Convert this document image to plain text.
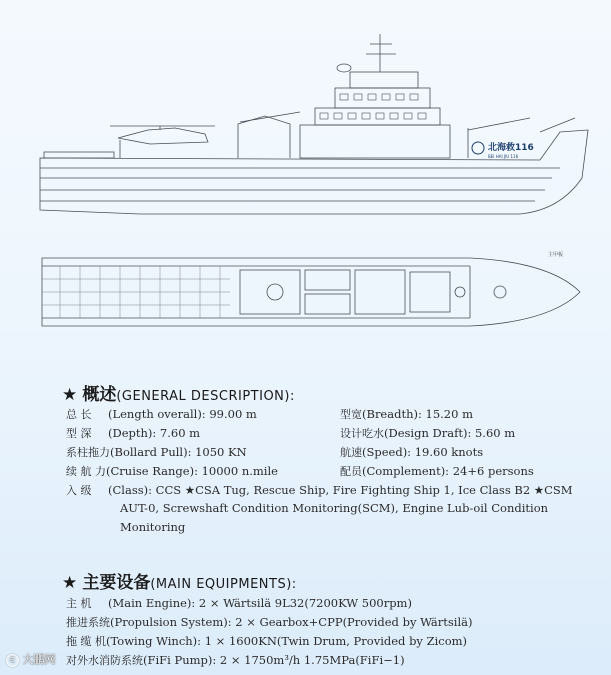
北海救116
BEI HAI JIU 116
主甲板
★ 概述(GENERAL DESCRIPTION):
总 长 (Length overall): 99.00 m
型 深 (Depth): 7.60 m
系柱拖力(Bollard Pull): 1050 KN
续 航 力(Cruise Range): 10000 n.mile
型宽(Breadth): 15.20 m
设计吃水(Design Draft): 5.60 m
航速(Speed): 19.60 knots
配员(Complement): 24+6 persons
入 级 (Class): CCS ★CSA Tug, Rescue Ship, Fire Fighting Ship 1, Ice Class B2 ★CSM
AUT-0, Screwshaft Condition Monitoring(SCM), Engine Lub-oil Condition
Monitoring
★ 主要设备(MAIN EQUIPMENTS):
主 机 (Main Engine): 2 × Wärtsilä 9L32(7200KW 500rpm)
推进系统(Propulsion System): 2 × Gearbox+CPP(Provided by Wärtsilä)
拖 缆 机(Towing Winch): 1 × 1600KN(Twin Drum, Provided by Zicom)
对外水消防系统(FiFi Pump): 2 × 1750m³/h 1.75MPa(FiFi−1)
C 大鹏网
